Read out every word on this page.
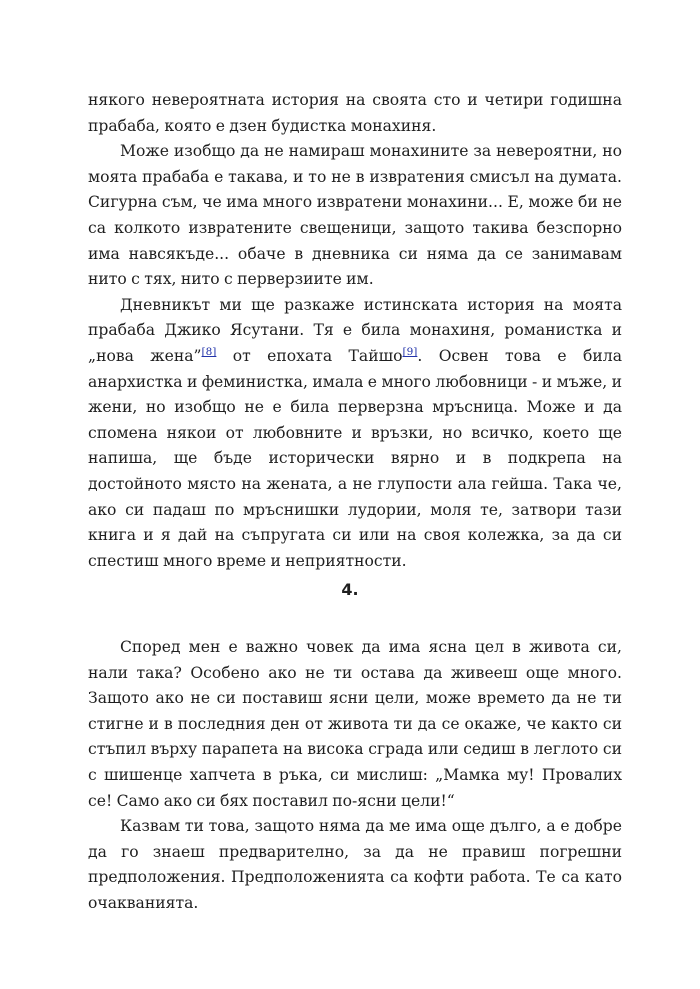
някого невероятната история на своята сто и четири годишна прабаба, която е дзен будистка монахиня.

Може изобщо да не намираш монахините за невероятни, но моята прабаба е такава, и то не в извратения смисъл на думата. Сигурна съм, че има много извратени монахини... Е, може би не са колкото извратените свещеници, защото такива безспорно има навсякъде... обаче в дневника си няма да се занимавам нито с тях, нито с перверзиите им.

Дневникът ми ще разкаже истинската история на моята прабаба Джико Ясутани. Тя е била монахиня, романистка и „нова жена”[8] от епохата Тайшо[9]. Освен това е била анархистка и феминистка, имала е много любовници - и мъже, и жени, но изобщо не е била перверзна мръсница. Може и да спомена някои от любовните и връзки, но всичко, което ще напиша, ще бъде исторически вярно и в подкрепа на достойното място на жената, а не глупости ала гейша. Така че, ако си падаш по мръснишки лудории, моля те, затвори тази книга и я дай на съпругата си или на своя колежка, за да си спестиш много време и неприятности.

4.

Според мен е важно човек да има ясна цел в живота си, нали така? Особено ако не ти остава да живееш още много. Защото ако не си поставиш ясни цели, може времето да не ти стигне и в последния ден от живота ти да се окаже, че както си стъпил върху парапета на висока сграда или седиш в леглото си с шишенце хапчета в ръка, си мислиш: „Мамка му! Провалих се! Само ако си бях поставил по-ясни цели!“

Казвам ти това, защото няма да ме има още дълго, а е добре да го знаеш предварително, за да не правиш погрешни предположения. Предположенията са кофти работа. Те са като очакванията.
